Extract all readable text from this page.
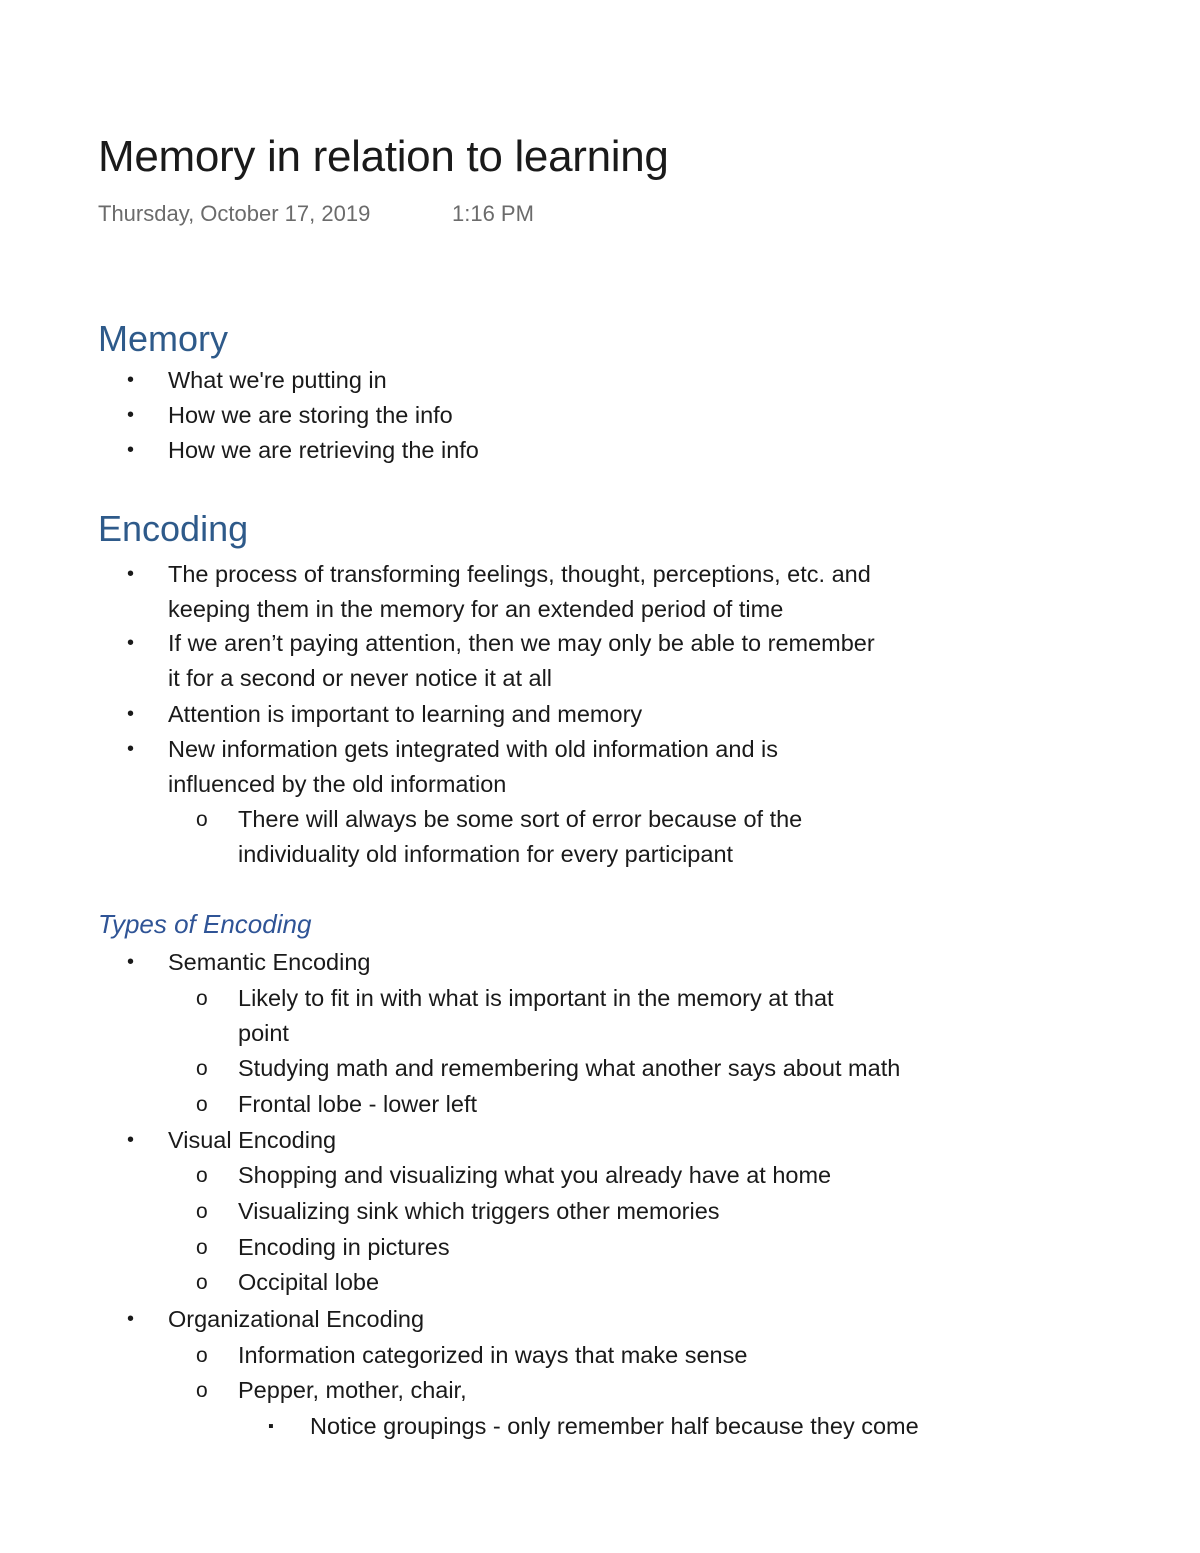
Memory in relation to learning
Thursday, October 17, 2019	1:16 PM
Memory
• What we're putting in
• How we are storing the info
• How we are retrieving the info
Encoding
• The process of transforming feelings, thought, perceptions, etc. and
keeping them in the memory for an extended period of time
• If we aren’t paying attention, then we may only be able to remember
it for a second or never notice it at all
• Attention is important to learning and memory
• New information gets integrated with old information and is
influenced by the old information
o There will always be some sort of error because of the
individuality old information for every participant
Types of Encoding
• Semantic Encoding
o Likely to fit in with what is important in the memory at that
point
o Studying math and remembering what another says about math
o Frontal lobe - lower left
• Visual Encoding
o Shopping and visualizing what you already have at home
o Visualizing sink which triggers other memories
o Encoding in pictures
o Occipital lobe
• Organizational Encoding
o Information categorized in ways that make sense
o Pepper, mother, chair,
▪ Notice groupings - only remember half because they come
